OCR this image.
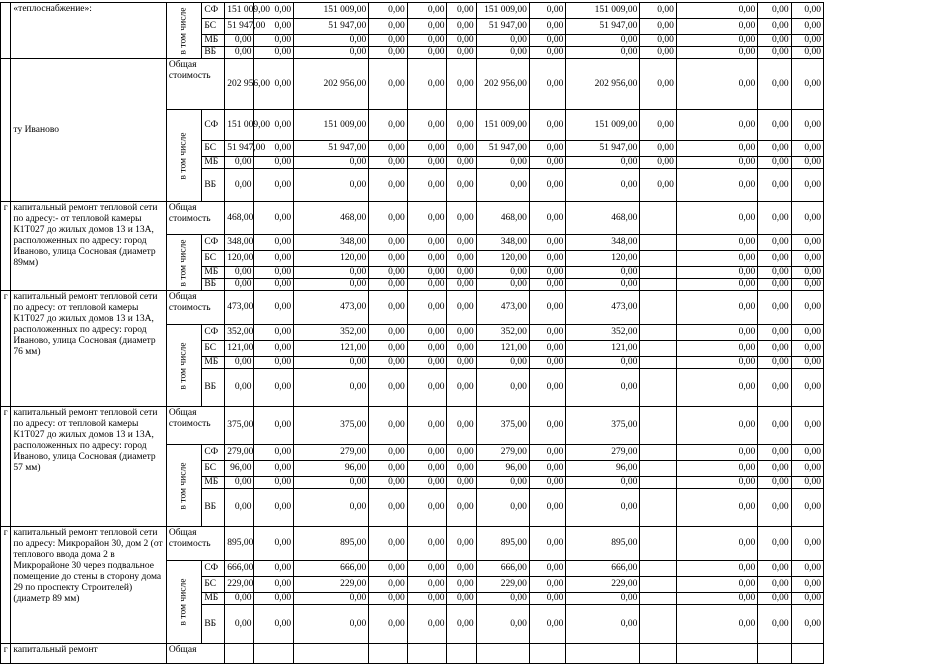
	«теплоснабжение»:	в том числе	СФ	151 009,00	0,00	151 009,00	0,00	0,00	0,00	151 009,00	0,00	151 009,00	0,00	0,00	0,00	0,00
			БС	51 947,00	0,00	51 947,00	0,00	0,00	0,00	51 947,00	0,00	51 947,00	0,00	0,00	0,00	0,00
			МБ	0,00	0,00	0,00	0,00	0,00	0,00	0,00	0,00	0,00	0,00	0,00	0,00	0,00
			ВБ	0,00	0,00	0,00	0,00	0,00	0,00	0,00	0,00	0,00	0,00	0,00	0,00	0,00
	ту Иваново	Общая стоимость		202 956,00	0,00	202 956,00	0,00	0,00	0,00	202 956,00	0,00	202 956,00	0,00	0,00	0,00	0,00

		в том числе	СФ	151 009,00	0,00	151 009,00	0,00	0,00	0,00	151 009,00	0,00	151 009,00	0,00	0,00	0,00	0,00
			БС	51 947,00	0,00	51 947,00	0,00	0,00	0,00	51 947,00	0,00	51 947,00	0,00	0,00	0,00	0,00
			МБ	0,00	0,00	0,00	0,00	0,00	0,00	0,00	0,00	0,00	0,00	0,00	0,00	0,00
			ВБ	0,00	0,00	0,00	0,00	0,00	0,00	0,00	0,00	0,00	0,00	0,00	0,00	0,00
г	капитальный ремонт тепловой сети по адресу:- от тепловой камеры К1Т027 до жилых домов 13 и 13А, расположенных по адресу: город Иваново, улица Сосновая (диаметр 89мм)	Общая стоимость		468,00	0,00	468,00	0,00	0,00	0,00	468,00	0,00	468,00		0,00	0,00	0,00

		в том числе	СФ	348,00	0,00	348,00	0,00	0,00	0,00	348,00	0,00	348,00		0,00	0,00	0,00
			БС	120,00	0,00	120,00	0,00	0,00	0,00	120,00	0,00	120,00		0,00	0,00	0,00
			МБ	0,00	0,00	0,00	0,00	0,00	0,00	0,00	0,00	0,00		0,00	0,00	0,00
			ВБ	0,00	0,00	0,00	0,00	0,00	0,00	0,00	0,00	0,00		0,00	0,00	0,00
г	капитальный ремонт тепловой сети по адресу: от тепловой камеры К1Т027 до жилых домов 13 и 13А, расположенных по адресу: город Иваново, улица Сосновая (диаметр 76 мм)	Общая стоимость		473,00	0,00	473,00	0,00	0,00	0,00	473,00	0,00	473,00		0,00	0,00	0,00

		в том числе	СФ	352,00	0,00	352,00	0,00	0,00	0,00	352,00	0,00	352,00		0,00	0,00	0,00
			БС	121,00	0,00	121,00	0,00	0,00	0,00	121,00	0,00	121,00		0,00	0,00	0,00
			МБ	0,00	0,00	0,00	0,00	0,00	0,00	0,00	0,00	0,00		0,00	0,00	0,00
			ВБ	0,00	0,00	0,00	0,00	0,00	0,00	0,00	0,00	0,00		0,00	0,00	0,00
г	капитальный ремонт тепловой сети по адресу: от тепловой камеры К1Т027 до жилых домов 13 и 13А, расположенных по адресу: город Иваново, улица Сосновая (диаметр 57 мм)	Общая стоимость		375,00	0,00	375,00	0,00	0,00	0,00	375,00	0,00	375,00		0,00	0,00	0,00

		в том числе	СФ	279,00	0,00	279,00	0,00	0,00	0,00	279,00	0,00	279,00		0,00	0,00	0,00
			БС	96,00	0,00	96,00	0,00	0,00	0,00	96,00	0,00	96,00		0,00	0,00	0,00
			МБ	0,00	0,00	0,00	0,00	0,00	0,00	0,00	0,00	0,00		0,00	0,00	0,00
			ВБ	0,00	0,00	0,00	0,00	0,00	0,00	0,00	0,00	0,00		0,00	0,00	0,00
г	капитальный ремонт тепловой сети по адресу: Микрорайон 30, дом 2 (от теплового ввода дома 2 в Микрорайоне 30 через подвальное помещение до стены в сторону дома 29 по проспекту Строителей) (диаметр 89 мм)	Общая стоимость		895,00	0,00	895,00	0,00	0,00	0,00	895,00	0,00	895,00		0,00	0,00	0,00

		в том числе	СФ	666,00	0,00	666,00	0,00	0,00	0,00	666,00	0,00	666,00		0,00	0,00	0,00
			БС	229,00	0,00	229,00	0,00	0,00	0,00	229,00	0,00	229,00		0,00	0,00	0,00
			МБ	0,00	0,00	0,00	0,00	0,00	0,00	0,00	0,00	0,00		0,00	0,00	0,00
			ВБ	0,00	0,00	0,00	0,00	0,00	0,00	0,00	0,00	0,00		0,00	0,00	0,00
г	капитальный ремонт	Общая														
